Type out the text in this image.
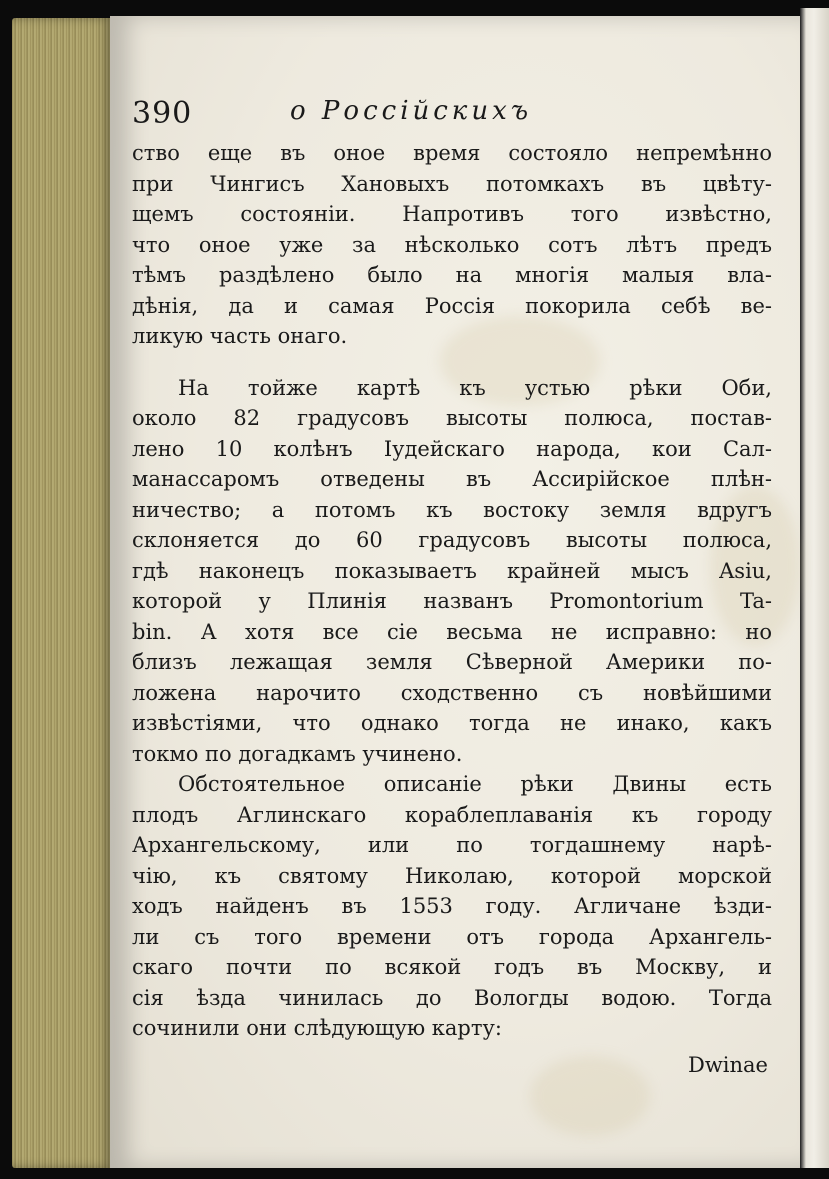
390	о Россійскихъ
ство еще въ оное время состояло непремѣнно
при Чингисъ Хановыхъ потомкахъ въ цвѣту-
щемъ состояніи. Напротивъ того извѣстно,
что оное уже за нѣсколько сотъ лѣтъ предъ
тѣмъ раздѣлено было на многія малыя вла-
дѣнія, да и самая Россія покорила себѣ ве-
ликую часть онаго.
На тойже картѣ къ устью рѣки Оби,
около 82 градусовъ высоты полюса, постав-
лено 10 колѣнъ Іудейскаго народа, кои Сал-
манассаромъ отведены въ Ассирійское плѣн-
ничество; а потомъ къ востоку земля вдругъ
склоняется до 60 градусовъ высоты полюса,
гдѣ наконецъ показываетъ крайней мысъ Asiu,
которой у Плинія названъ Promontorium Ta-
bin. А хотя все сіе весьма не исправно: но
близъ лежащая земля Сѣверной Америки по-
ложена нарочито сходственно съ новѣйшими
извѣстіями, что однако тогда не инако, какъ
токмо по догадкамъ учинено.
Обстоятельное описаніе рѣки Двины есть
плодъ Аглинскаго кораблеплаванія къ городу
Архангельскому, или по тогдашнему нарѣ-
чію, къ святому Николаю, которой морской
ходъ найденъ въ 1553 году. Агличане ѣзди-
ли съ того времени отъ города Архангель-
скаго почти по всякой годъ въ Москву, и
сія ѣзда чинилась до Вологды водою. Тогда
сочинили они слѣдующую карту:
Dwinae
